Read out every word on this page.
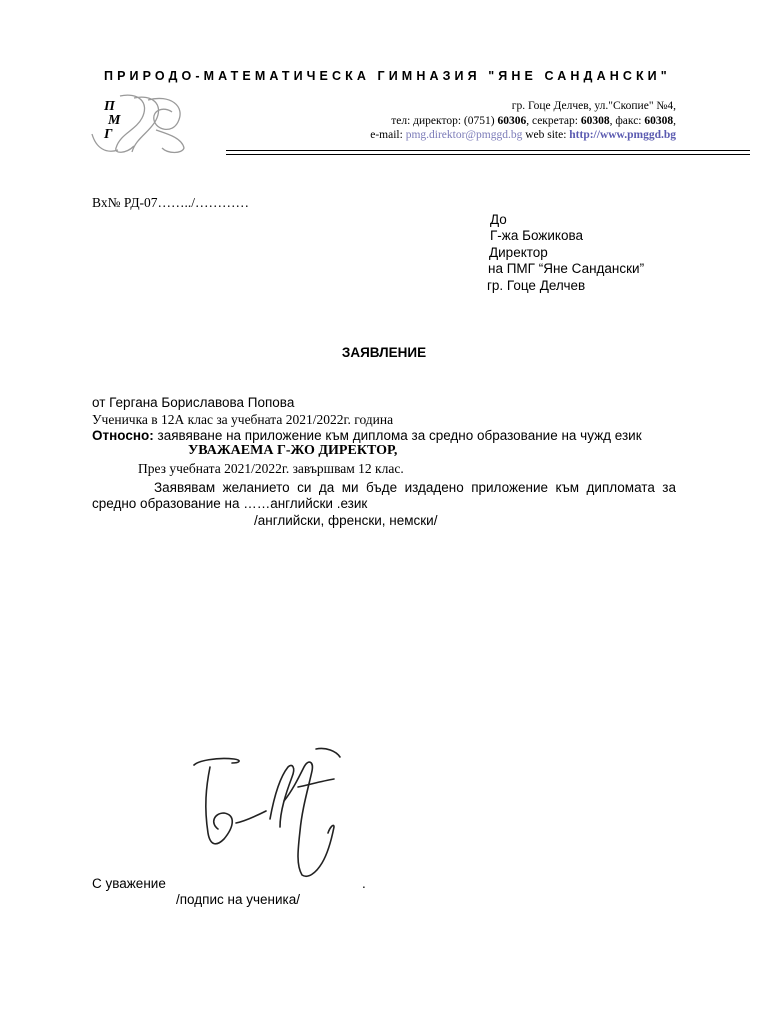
ПРИРОДО-МАТЕМАТИЧЕСКА ГИМНАЗИЯ "ЯНЕ САНДАНСКИ"
П
М
Г
гр. Гоце Делчев, ул."Скопие" №4,
тел: директор: (0751) 60306, секретар: 60308, факс: 60308,
e-mail: pmg.direktor@pmggd.bg web site: http://www.pmggd.bg
Вх№ РД-07……../…………
До
Г-жа Божикова
Директор
на ПМГ “Яне Сандански”
гр. Гоце Делчев
ЗАЯВЛЕНИЕ
от Гергана Бориславова Попова
Ученичка в 12А клас за учебната 2021/2022г. година
Относно: заявяване на приложение към диплома за средно образование на чужд език
УВАЖАЕМА Г-ЖО ДИРЕКТОР,
През учебната 2021/2022г. завършвам 12 клас.
Заявявам желанието си да ми бъде издадено приложение към дипломата за
средно образование на ……английски .език
/английски, френски, немски/
С уважение	.
/подпис на ученика/
